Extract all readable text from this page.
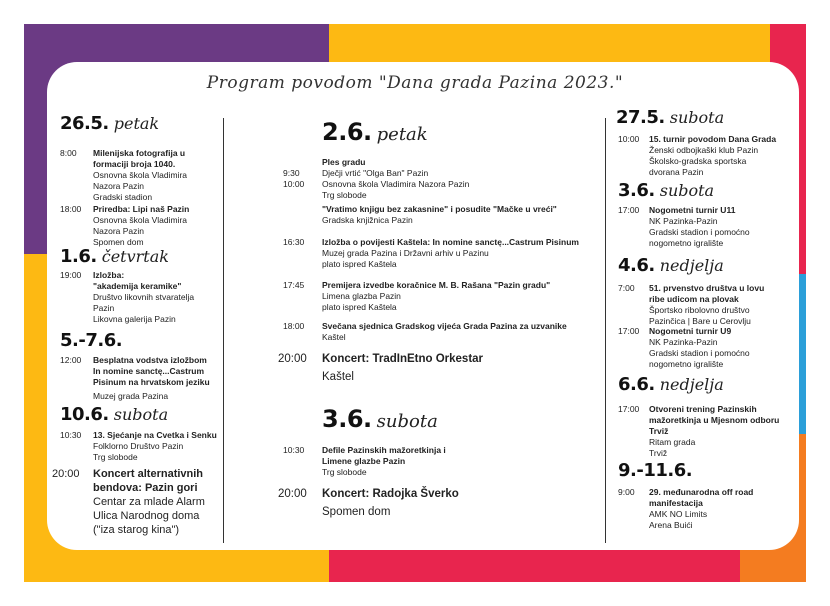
Program povodom "Dana grada Pazina 2023."
26.5. petak
8:00 Milenijska fotografija u
formaciji broja 1040.
Osnovna škola Vladimira
Nazora Pazin
Gradski stadion
18:00 Priredba: Lipi naš Pazin
Osnovna škola Vladimira
Nazora Pazin
Spomen dom
1.6. četvrtak
19:00 Izložba:
"akademija keramike"
Društvo likovnih stvaratelja
Pazin
Likovna galerija Pazin
5.-7.6.
12:00 Besplatna vodstva izložbom
In nomine sanctę...Castrum
Pisinum na hrvatskom jeziku
Muzej grada Pazina
10.6. subota
10:30 13. Sjećanje na Cvetka i Senku
Folklorno Društvo Pazin
Trg slobode
20:00 Koncert alternativnih
bendova: Pazin gori
Centar za mlade Alarm
Ulica Narodnog doma
("iza starog kina")
2.6. petak
9:30
10:00
Ples gradu
Dječji vrtić "Olga Ban" Pazin
Osnovna škola Vladimira Nazora Pazin
Trg slobode
"Vratimo knjigu bez zakasnine" i posudite "Mačke u vreći"
Gradska knjižnica Pazin
16:30 Izložba o povijesti Kaštela: In nomine sanctę...Castrum Pisinum
Muzej grada Pazina i Državni arhiv u Pazinu
plato ispred Kaštela
17:45 Premijera izvedbe koračnice M. B. Rašana "Pazin gradu"
Limena glazba Pazin
plato ispred Kaštela
18:00 Svečana sjednica Gradskog vijeća Grada Pazina za uzvanike
Kaštel
20:00 Koncert: TradInEtno Orkestar
Kaštel
3.6. subota
10:30 Defile Pazinskih mažoretkinja i
Limene glazbe Pazin
Trg slobode
20:00 Koncert: Radojka Šverko
Spomen dom
27.5. subota
10:00 15. turnir povodom Dana Grada
Ženski odbojkaški klub Pazin
Školsko-gradska sportska
dvorana Pazin
3.6. subota
17:00 Nogometni turnir U11
NK Pazinka-Pazin
Gradski stadion i pomoćno
nogometno igralište
4.6. nedjelja
7:00 51. prvenstvo društva u lovu
ribe udicom na plovak
Športsko ribolovno društvo
Pazinčica | Bare u Cerovlju
17:00 Nogometni turnir U9
NK Pazinka-Pazin
Gradski stadion i pomoćno
nogometno igralište
6.6. nedjelja
17:00 Otvoreni trening Pazinskih
mažoretkinja u Mjesnom odboru
Trviž
Ritam grada
Trviž
9.-11.6.
9:00 29. međunarodna off road
manifestacija
AMK NO Limits
Arena Buići
